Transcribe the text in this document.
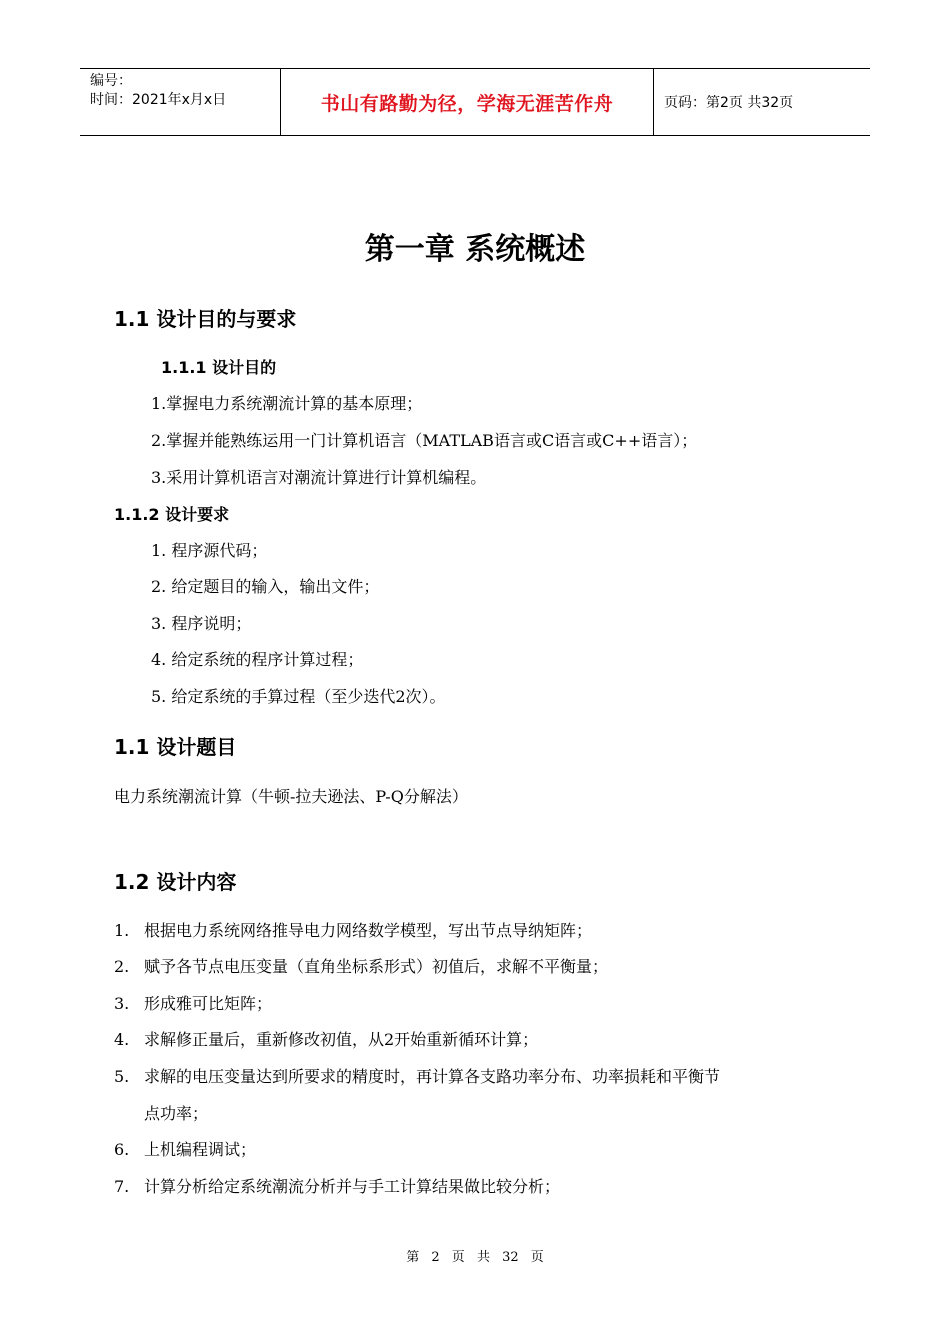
编号：
时间：2021年x月x日	书山有路勤为径，学海无涯苦作舟	页码：第2页 共32页
第一章 系统概述
1.1 设计目的与要求
1.1.1 设计目的
1.掌握电力系统潮流计算的基本原理；
2.掌握并能熟练运用一门计算机语言（MATLAB语言或C语言或C++语言）；
3.采用计算机语言对潮流计算进行计算机编程。
1.1.2 设计要求
1. 程序源代码；
2. 给定题目的输入，输出文件；
3. 程序说明；
4. 给定系统的程序计算过程；
5. 给定系统的手算过程（至少迭代2次）。
1.1 设计题目
电力系统潮流计算（牛顿-拉夫逊法、P-Q分解法）
1.2 设计内容
1. 根据电力系统网络推导电力网络数学模型，写出节点导纳矩阵；
2. 赋予各节点电压变量（直角坐标系形式）初值后，求解不平衡量；
3. 形成雅可比矩阵；
4. 求解修正量后，重新修改初值，从2开始重新循环计算；
5. 求解的电压变量达到所要求的精度时，再计算各支路功率分布、功率损耗和平衡节
点功率；
6. 上机编程调试；
7. 计算分析给定系统潮流分析并与手工计算结果做比较分析；
第 2 页 共 32 页
